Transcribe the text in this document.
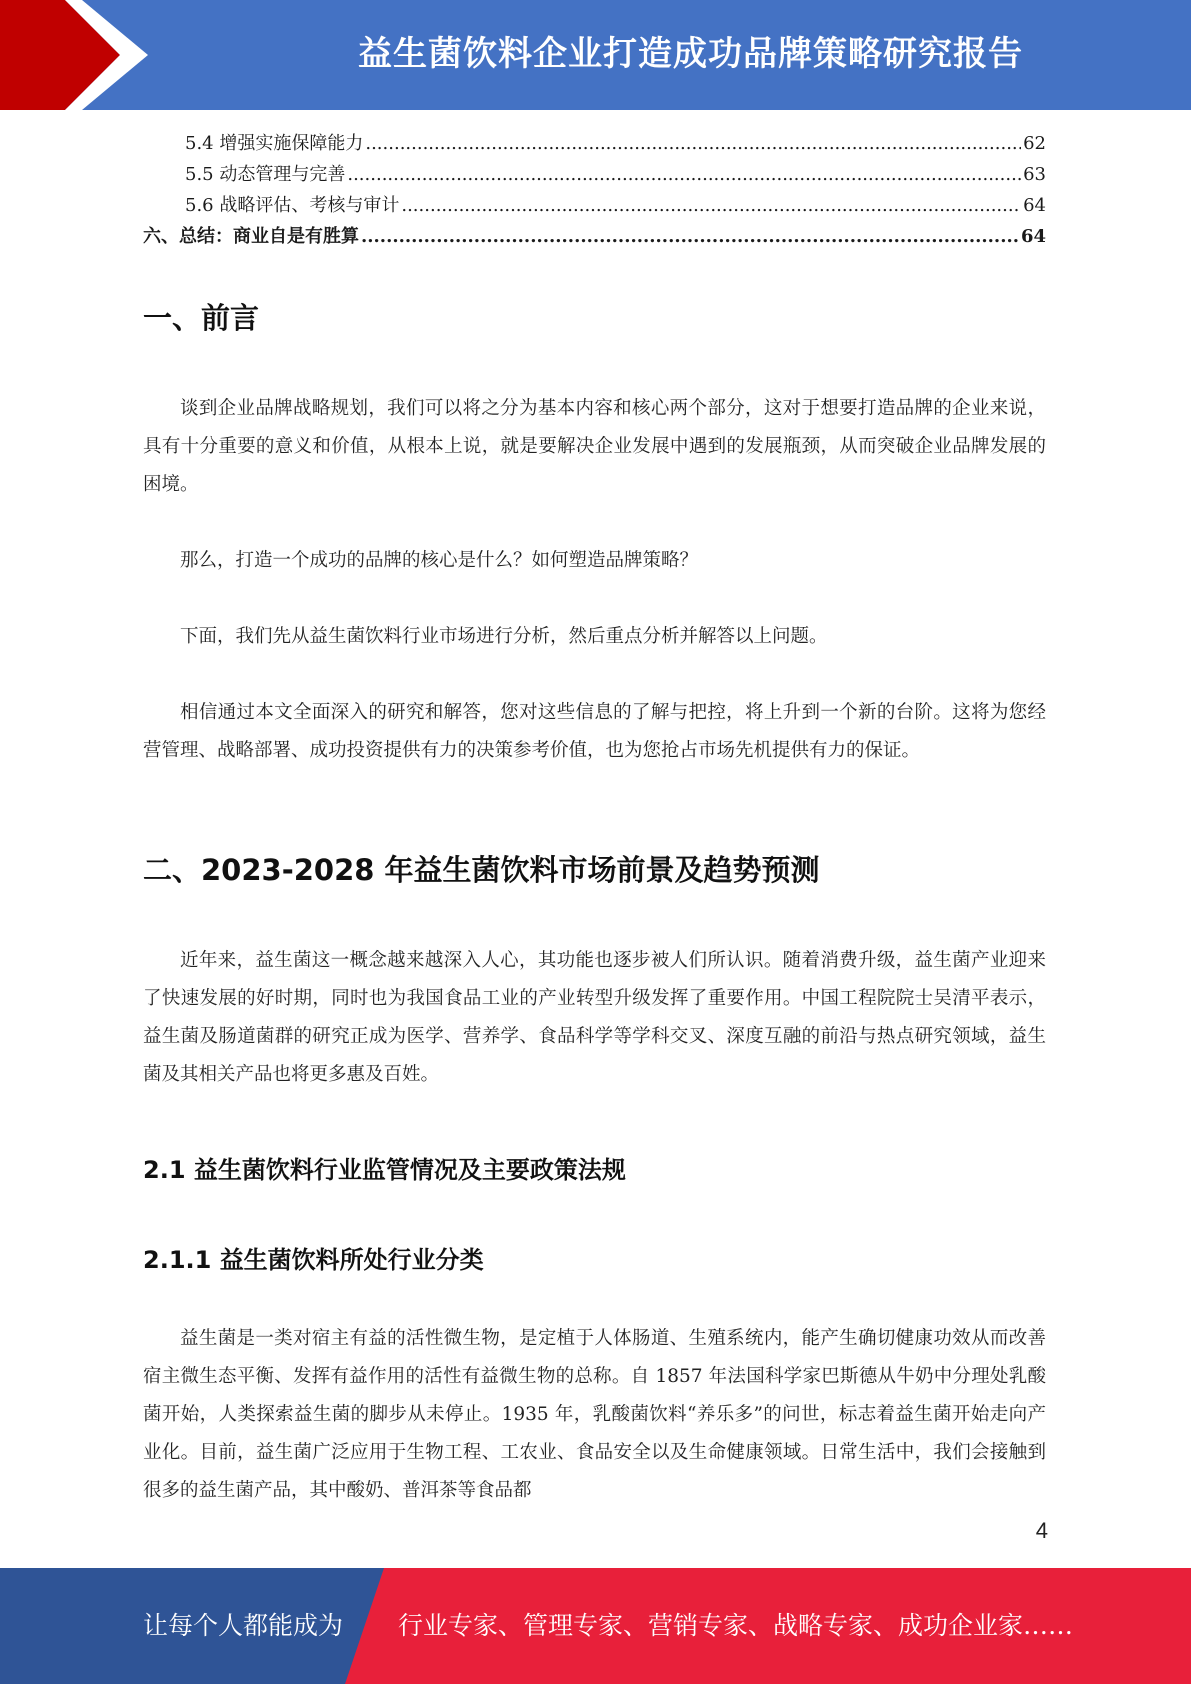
益生菌饮料企业打造成功品牌策略研究报告
5.4 增强实施保障能力 .....	62
5.5 动态管理与完善 .....	63
5.6 战略评估、考核与审计 .....	64
六、总结：商业自是有胜算 .....	64
一、前言

谈到企业品牌战略规划，我们可以将之分为基本内容和核心两个部分，这对于想要打造品牌的企业来说，具有十分重要的意义和价值，从根本上说，就是要解决企业发展中遇到的发展瓶颈，从而突破企业品牌发展的困境。

那么，打造一个成功的品牌的核心是什么？如何塑造品牌策略？

下面，我们先从益生菌饮料行业市场进行分析，然后重点分析并解答以上问题。

相信通过本文全面深入的研究和解答，您对这些信息的了解与把控，将上升到一个新的台阶。这将为您经营管理、战略部署、成功投资提供有力的决策参考价值，也为您抢占市场先机提供有力的保证。

二、2023-2028 年益生菌饮料市场前景及趋势预测

近年来，益生菌这一概念越来越深入人心，其功能也逐步被人们所认识。随着消费升级，益生菌产业迎来了快速发展的好时期，同时也为我国食品工业的产业转型升级发挥了重要作用。中国工程院院士吴清平表示，益生菌及肠道菌群的研究正成为医学、营养学、食品科学等学科交叉、深度互融的前沿与热点研究领域，益生菌及其相关产品也将更多惠及百姓。

2.1 益生菌饮料行业监管情况及主要政策法规
2.1.1 益生菌饮料所处行业分类

益生菌是一类对宿主有益的活性微生物，是定植于人体肠道、生殖系统内，能产生确切健康功效从而改善宿主微生态平衡、发挥有益作用的活性有益微生物的总称。自 1857 年法国科学家巴斯德从牛奶中分理处乳酸菌开始，人类探索益生菌的脚步从未停止。1935 年，乳酸菌饮料“养乐多”的问世，标志着益生菌开始走向产业化。目前，益生菌广泛应用于生物工程、工农业、食品安全以及生命健康领域。日常生活中，我们会接触到很多的益生菌产品，其中酸奶、普洱茶等食品都

4
让每个人都能成为 行业专家、管理专家、营销专家、战略专家、成功企业家……
